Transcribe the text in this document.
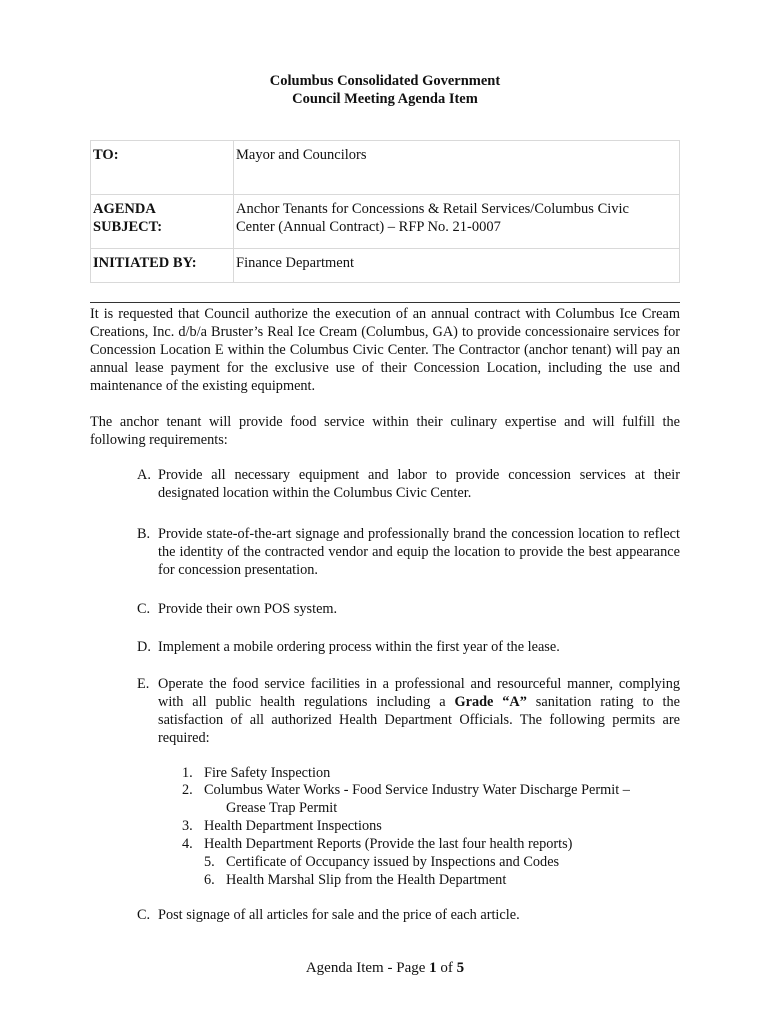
Columbus Consolidated Government
Council Meeting Agenda Item
TO:	Mayor and Councilors
AGENDA
SUBJECT:	Anchor Tenants for Concessions & Retail Services/Columbus Civic
Center (Annual Contract) – RFP No. 21-0007
INITIATED BY:	Finance Department
It is requested that Council authorize the execution of an annual contract with Columbus Ice Cream Creations, Inc. d/b/a Bruster’s Real Ice Cream (Columbus, GA) to provide concessionaire services for Concession Location E within the Columbus Civic Center. The Contractor (anchor tenant) will pay an annual lease payment for the exclusive use of their Concession Location, including the use and maintenance of the existing equipment.
The anchor tenant will provide food service within their culinary expertise and will fulfill the following requirements:
A. Provide all necessary equipment and labor to provide concession services at their designated location within the Columbus Civic Center.
B. Provide state-of-the-art signage and professionally brand the concession location to reflect the identity of the contracted vendor and equip the location to provide the best appearance for concession presentation.
C. Provide their own POS system.
D. Implement a mobile ordering process within the first year of the lease.
E. Operate the food service facilities in a professional and resourceful manner, complying with all public health regulations including a Grade “A” sanitation rating to the satisfaction of all authorized Health Department Officials. The following permits are required:
1. Fire Safety Inspection
2. Columbus Water Works - Food Service Industry Water Discharge Permit –
Grease Trap Permit
3. Health Department Inspections
4. Health Department Reports (Provide the last four health reports)
5. Certificate of Occupancy issued by Inspections and Codes
6. Health Marshal Slip from the Health Department
C. Post signage of all articles for sale and the price of each article.
Agenda Item - Page 1 of 5
